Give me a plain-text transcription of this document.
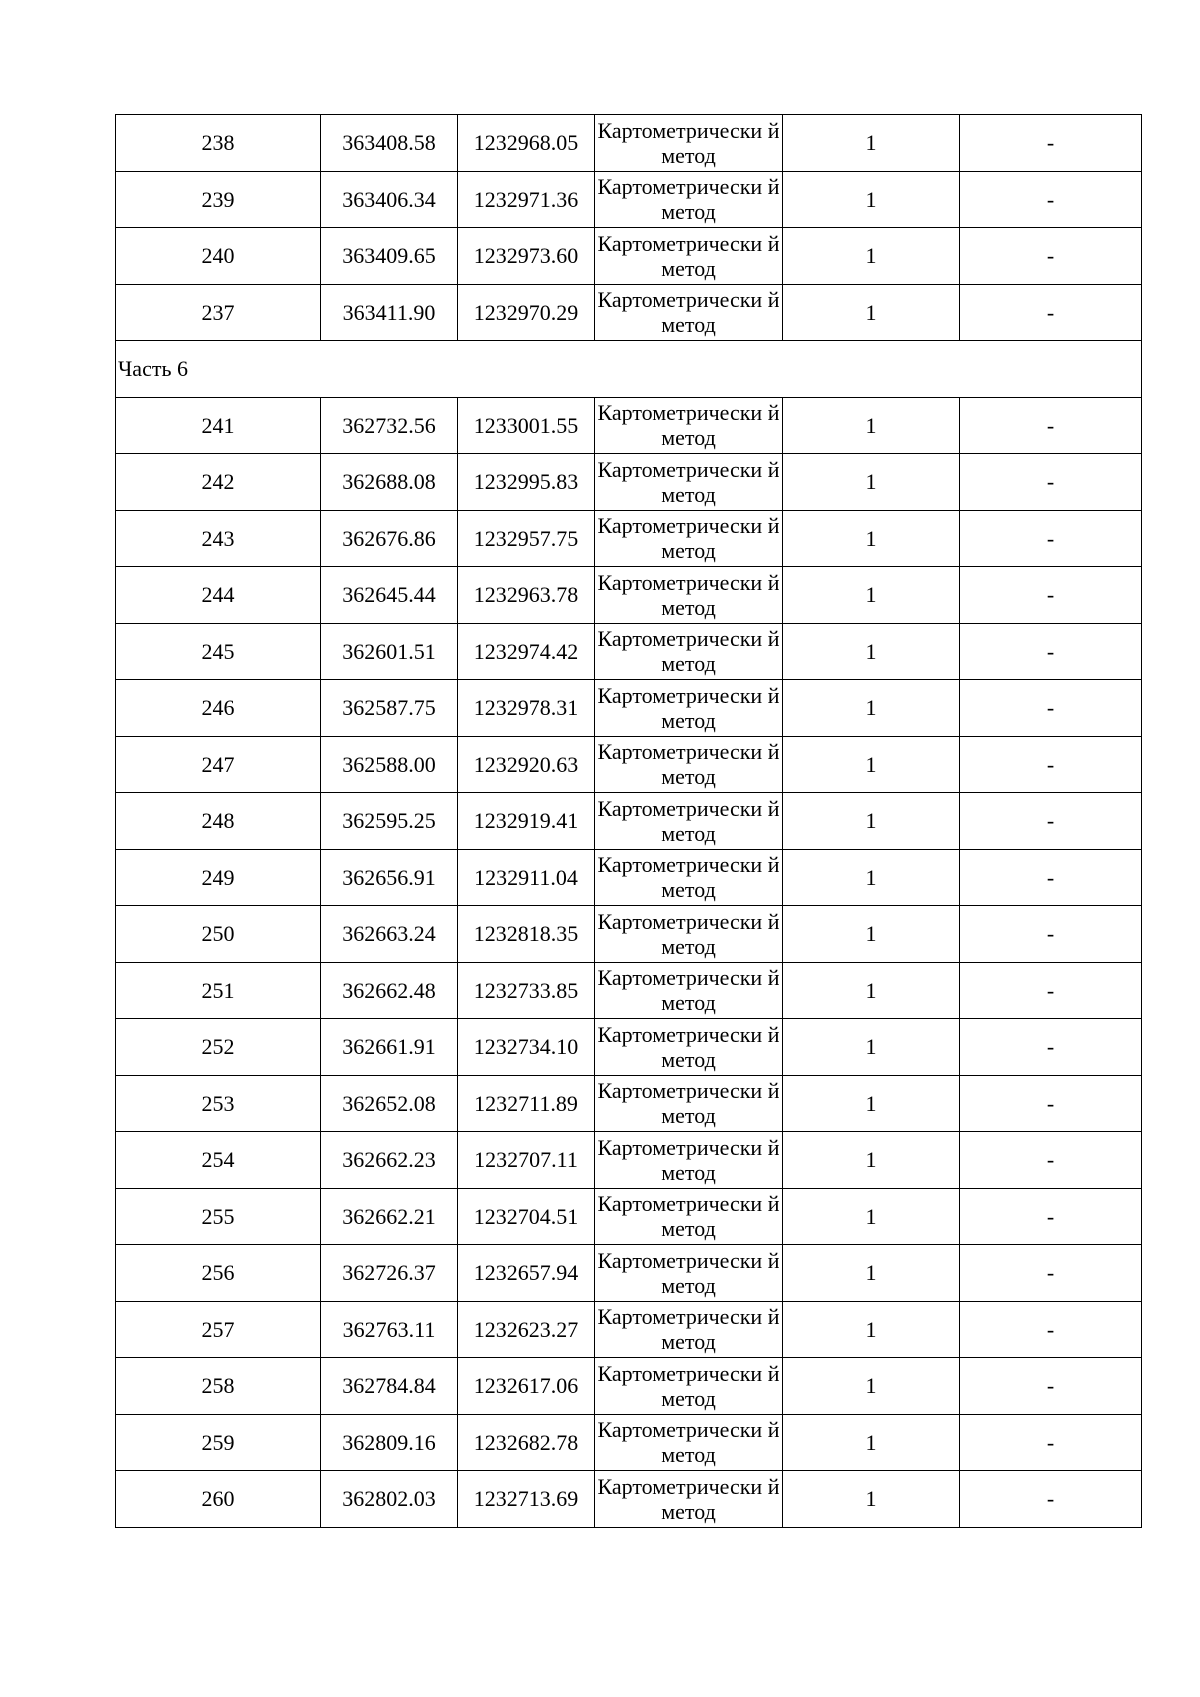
238	363408.58	1232968.05	Картометрически й метод	1	-
239	363406.34	1232971.36	Картометрически й метод	1	-
240	363409.65	1232973.60	Картометрически й метод	1	-
237	363411.90	1232970.29	Картометрически й метод	1	-
Часть 6					
241	362732.56	1233001.55	Картометрически й метод	1	-
242	362688.08	1232995.83	Картометрически й метод	1	-
243	362676.86	1232957.75	Картометрически й метод	1	-
244	362645.44	1232963.78	Картометрически й метод	1	-
245	362601.51	1232974.42	Картометрически й метод	1	-
246	362587.75	1232978.31	Картометрически й метод	1	-
247	362588.00	1232920.63	Картометрически й метод	1	-
248	362595.25	1232919.41	Картометрически й метод	1	-
249	362656.91	1232911.04	Картометрически й метод	1	-
250	362663.24	1232818.35	Картометрически й метод	1	-
251	362662.48	1232733.85	Картометрически й метод	1	-
252	362661.91	1232734.10	Картометрически й метод	1	-
253	362652.08	1232711.89	Картометрически й метод	1	-
254	362662.23	1232707.11	Картометрически й метод	1	-
255	362662.21	1232704.51	Картометрически й метод	1	-
256	362726.37	1232657.94	Картометрически й метод	1	-
257	362763.11	1232623.27	Картометрически й метод	1	-
258	362784.84	1232617.06	Картометрически й метод	1	-
259	362809.16	1232682.78	Картометрически й метод	1	-
260	362802.03	1232713.69	Картометрически й метод	1	-
